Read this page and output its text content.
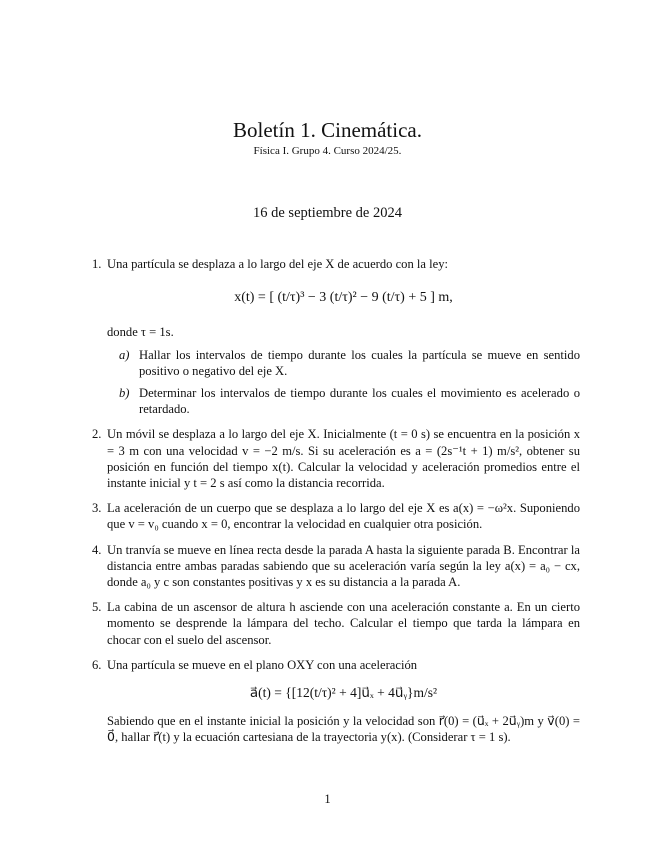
Boletín 1. Cinemática.
Física I. Grupo 4. Curso 2024/25.
16 de septiembre de 2024
1. Una partícula se desplaza a lo largo del eje X de acuerdo con la ley:
x(t) = [ (t/τ)³ − 3 (t/τ)² − 9 (t/τ) + 5 ] m,
donde τ = 1s.
a) Hallar los intervalos de tiempo durante los cuales la partícula se mueve en sentido positivo o negativo del eje X.
b) Determinar los intervalos de tiempo durante los cuales el movimiento es acelerado o retardado.
2. Un móvil se desplaza a lo largo del eje X. Inicialmente (t = 0 s) se encuentra en la posición x = 3 m con una velocidad v = −2 m/s. Si su aceleración es a = (2s⁻¹t + 1) m/s², obtener su posición en función del tiempo x(t). Calcular la velocidad y aceleración promedios entre el instante inicial y t = 2 s así como la distancia recorrida.
3. La aceleración de un cuerpo que se desplaza a lo largo del eje X es a(x) = −ω²x. Suponiendo que v = v₀ cuando x = 0, encontrar la velocidad en cualquier otra posición.
4. Un tranvía se mueve en línea recta desde la parada A hasta la siguiente parada B. Encontrar la distancia entre ambas paradas sabiendo que su aceleración varía según la ley a(x) = a₀ − cx, donde a₀ y c son constantes positivas y x es su distancia a la parada A.
5. La cabina de un ascensor de altura h asciende con una aceleración constante a. En un cierto momento se desprende la lámpara del techo. Calcular el tiempo que tarda la lámpara en chocar con el suelo del ascensor.
6. Una partícula se mueve en el plano OXY con una aceleración
a⃗(t) = {[12(t/τ)² + 4]u⃗ₓ + 4u⃗ᵧ}m/s²
Sabiendo que en el instante inicial la posición y la velocidad son r⃗(0) = (u⃗ₓ + 2u⃗ᵧ)m y v⃗(0) = 0⃗, hallar r⃗(t) y la ecuación cartesiana de la trayectoria y(x). (Considerar τ = 1 s).
1
